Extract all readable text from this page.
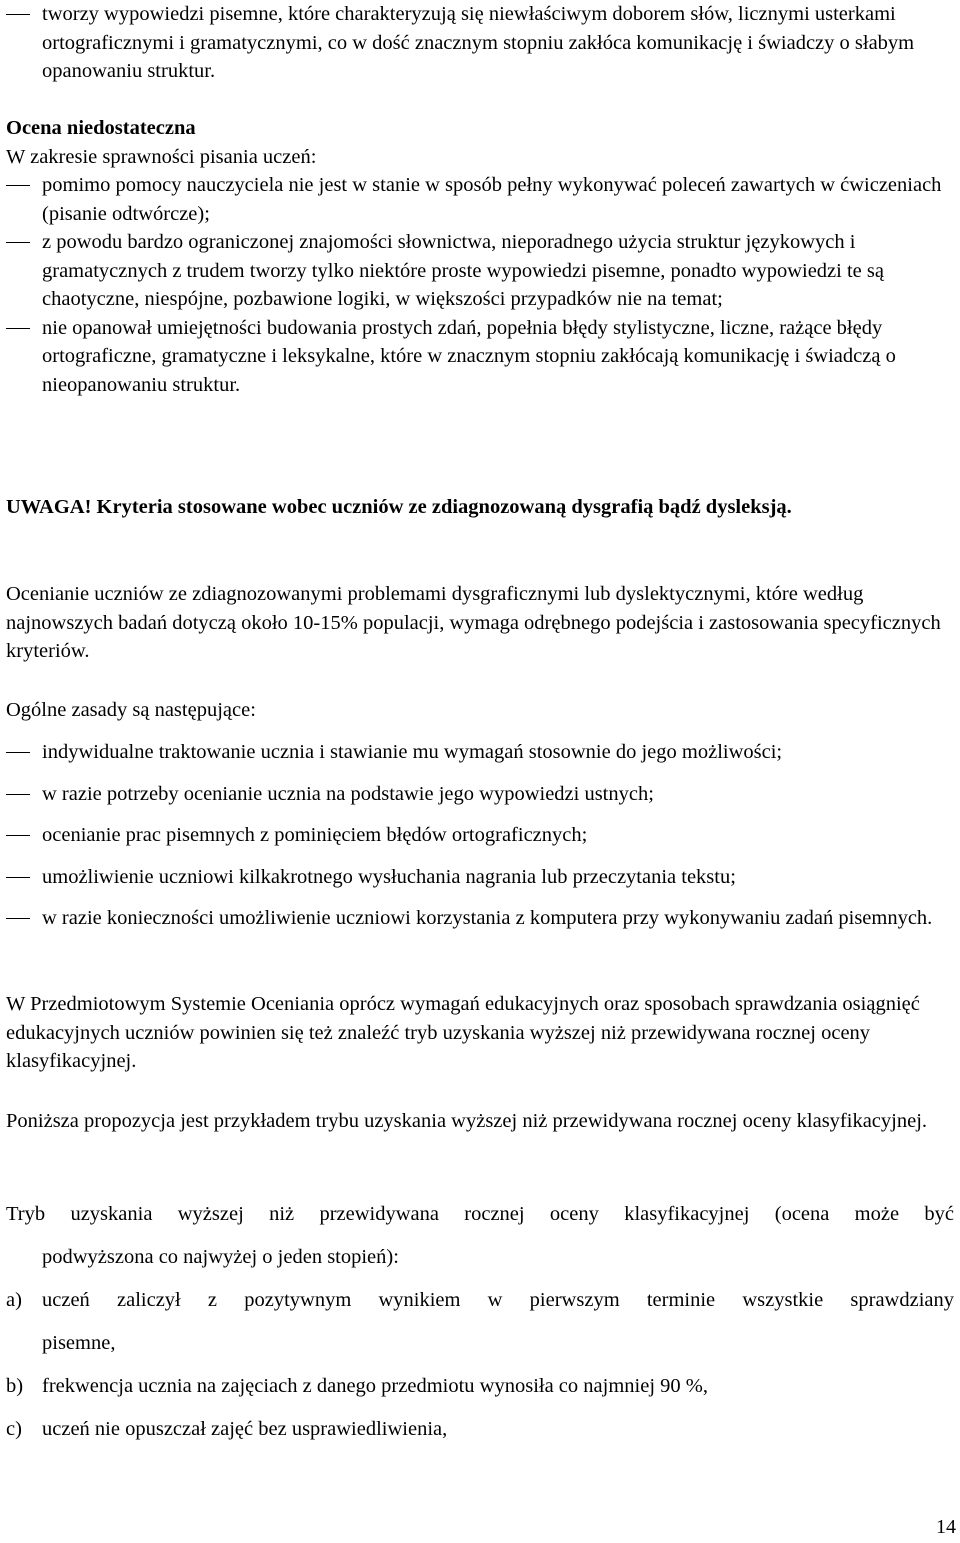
tworzy wypowiedzi pisemne, które charakteryzują się niewłaściwym doborem słów, licznymi usterkami ortograficznymi i gramatycznymi, co w dość znacznym stopniu zakłóca komunikację i świadczy o słabym opanowaniu struktur.

Ocena niedostateczna

W zakresie sprawności pisania uczeń:

pomimo pomocy nauczyciela nie jest w stanie w sposób pełny wykonywać poleceń zawartych w ćwiczeniach (pisanie odtwórcze);
z powodu bardzo ograniczonej znajomości słownictwa, nieporadnego użycia struktur językowych i gramatycznych z trudem tworzy tylko niektóre proste wypowiedzi pisemne, ponadto wypowiedzi te są chaotyczne, niespójne, pozbawione logiki, w większości przypadków nie na temat;
nie opanował umiejętności budowania prostych zdań, popełnia błędy stylistyczne, liczne, rażące błędy ortograficzne, gramatyczne i leksykalne, które w znacznym stopniu zakłócają komunikację i świadczą o nieopanowaniu struktur.

UWAGA! Kryteria stosowane wobec uczniów ze zdiagnozowaną dysgrafią bądź dysleksją.

Ocenianie uczniów ze zdiagnozowanymi problemami dysgraficznymi lub dyslektycznymi, które według najnowszych badań dotyczą około 10-15% populacji, wymaga odrębnego podejścia i zastosowania specyficznych kryteriów.

Ogólne zasady są następujące:

indywidualne traktowanie ucznia i stawianie mu wymagań stosownie do jego możliwości;
w razie potrzeby ocenianie ucznia na podstawie jego wypowiedzi ustnych;
ocenianie prac pisemnych z pominięciem błędów ortograficznych;
umożliwienie uczniowi kilkakrotnego wysłuchania nagrania lub przeczytania tekstu;
w razie konieczności umożliwienie uczniowi korzystania z komputera przy wykonywaniu zadań pisemnych.

W Przedmiotowym Systemie Oceniania oprócz wymagań edukacyjnych oraz sposobach sprawdzania osiągnięć edukacyjnych uczniów powinien się też znaleźć tryb uzyskania wyższej niż przewidywana rocznej oceny klasyfikacyjnej.

Poniższa propozycja jest przykładem trybu uzyskania wyższej niż przewidywana rocznej oceny klasyfikacyjnej.

Tryb uzyskania wyższej niż przewidywana rocznej oceny klasyfikacyjnej (ocena może być

podwyższona co najwyżej o jeden stopień):

a) uczeń zaliczył z pozytywnym wynikiem w pierwszym terminie wszystkie sprawdziany
pisemne,
b) frekwencja ucznia na zajęciach z danego przedmiotu wynosiła co najmniej 90 %,
c) uczeń nie opuszczał zajęć bez usprawiedliwienia,
14
